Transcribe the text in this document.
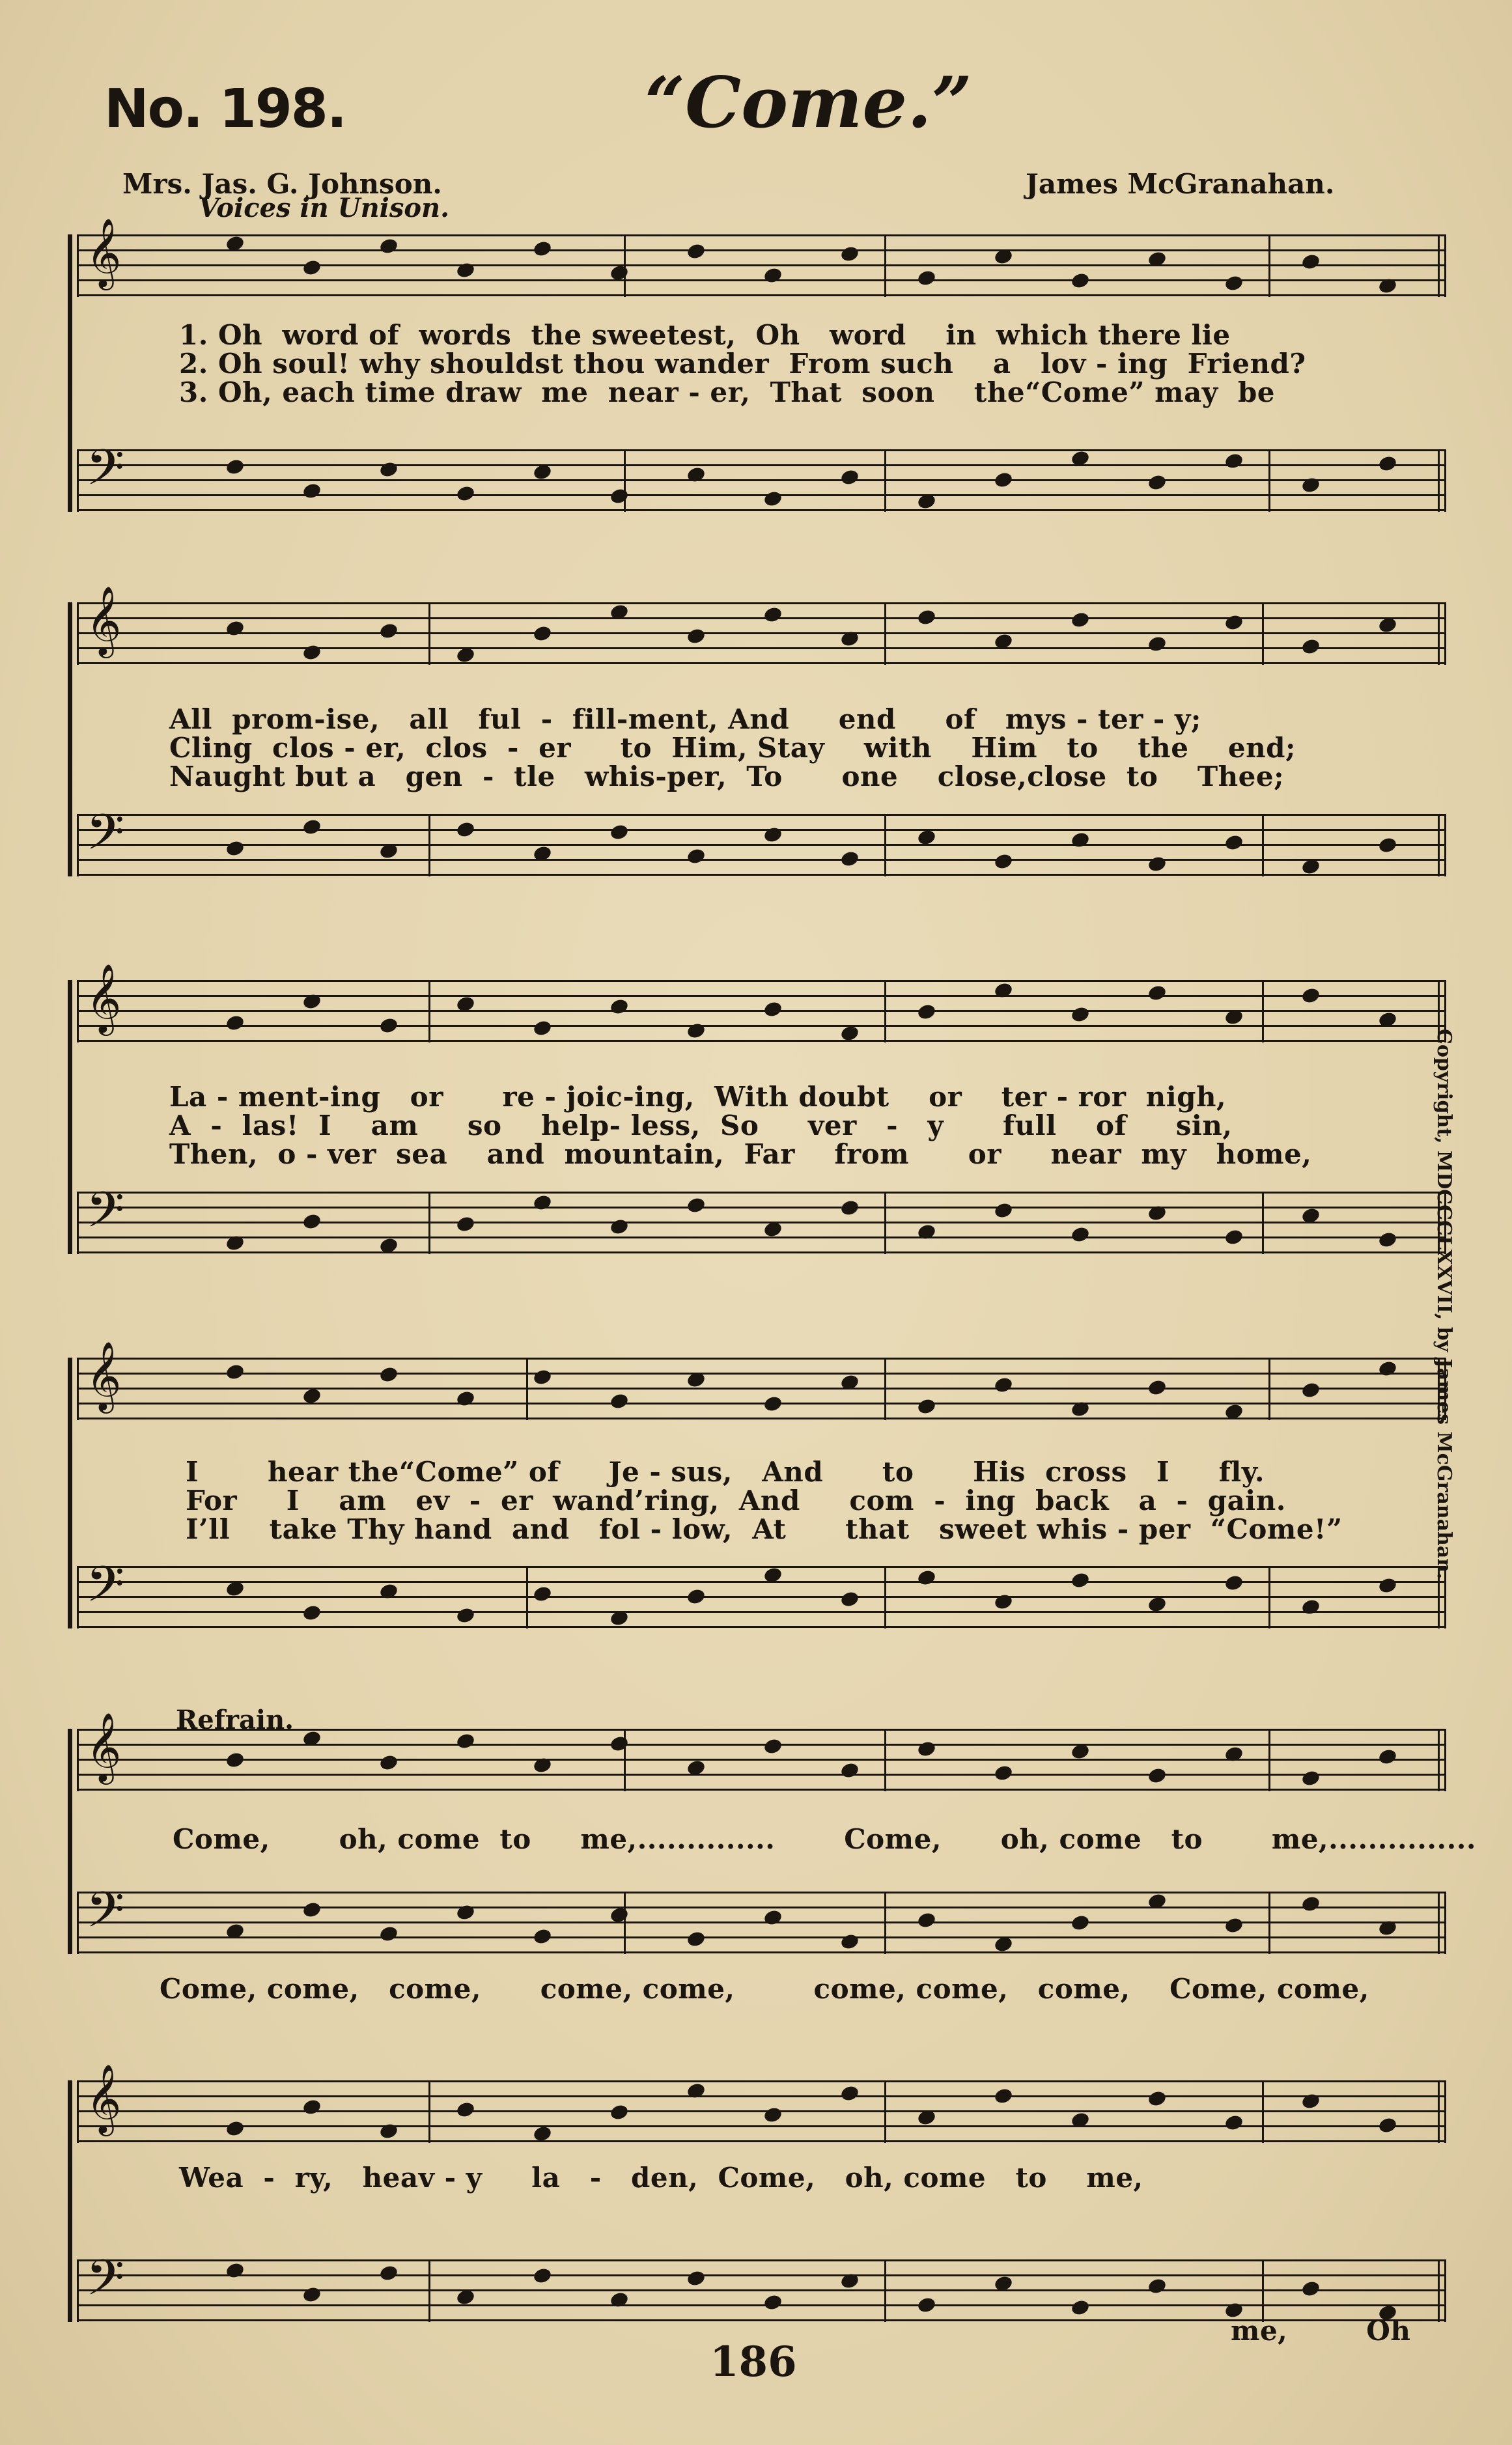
No. 198.	“Come.”
Mrs. Jas. G. Johnson.	James McGranahan.
Voices in Unison.
𝄞
𝄢
𝄞
𝄢
𝄞
𝄢
𝄞
𝄢
𝄞
𝄢
𝄞
𝄢
1. Oh  word of  words  the sweetest,  Oh   word    in  which there lie
2. Oh soul! why shouldst thou wander  From such    a   lov - ing  Friend?
3. Oh, each time draw  me  near - er,  That  soon    the“Come” may  be
All  prom-ise,   all   ful  -  fill-ment, And     end     of   mys - ter - y;
Cling  clos - er,  clos  -  er     to  Him, Stay    with    Him   to    the    end;
Naught but a   gen  -  tle   whis-per,  To      one    close,close  to    Thee;
La - ment-ing   or      re - joic-ing,  With doubt    or    ter - ror  nigh,
A  -  las!  I    am     so    help- less,  So     ver   -   y      full    of     sin,
Then,  o - ver  sea    and  mountain,  Far    from      or     near  my   home,
I       hear the“Come” of     Je - sus,   And      to      His  cross   I     fly.
For     I    am   ev  -  er  wand’ring,  And     com  -  ing  back   a  -  gain.
I’ll    take Thy hand  and   fol - low,  At      that   sweet whis - per  “Come!”
Refrain.
Come,       oh, come  to     me,..............       Come,      oh, come   to       me,...............
Come, come,   come,      come, come,        come, come,   come,    Come, come,
Wea  -  ry,   heav - y     la   -   den,  Come,   oh, come   to    me,
me,        Oh
Copyright, MDCCCLXXVII, by James McGranahan.
186
